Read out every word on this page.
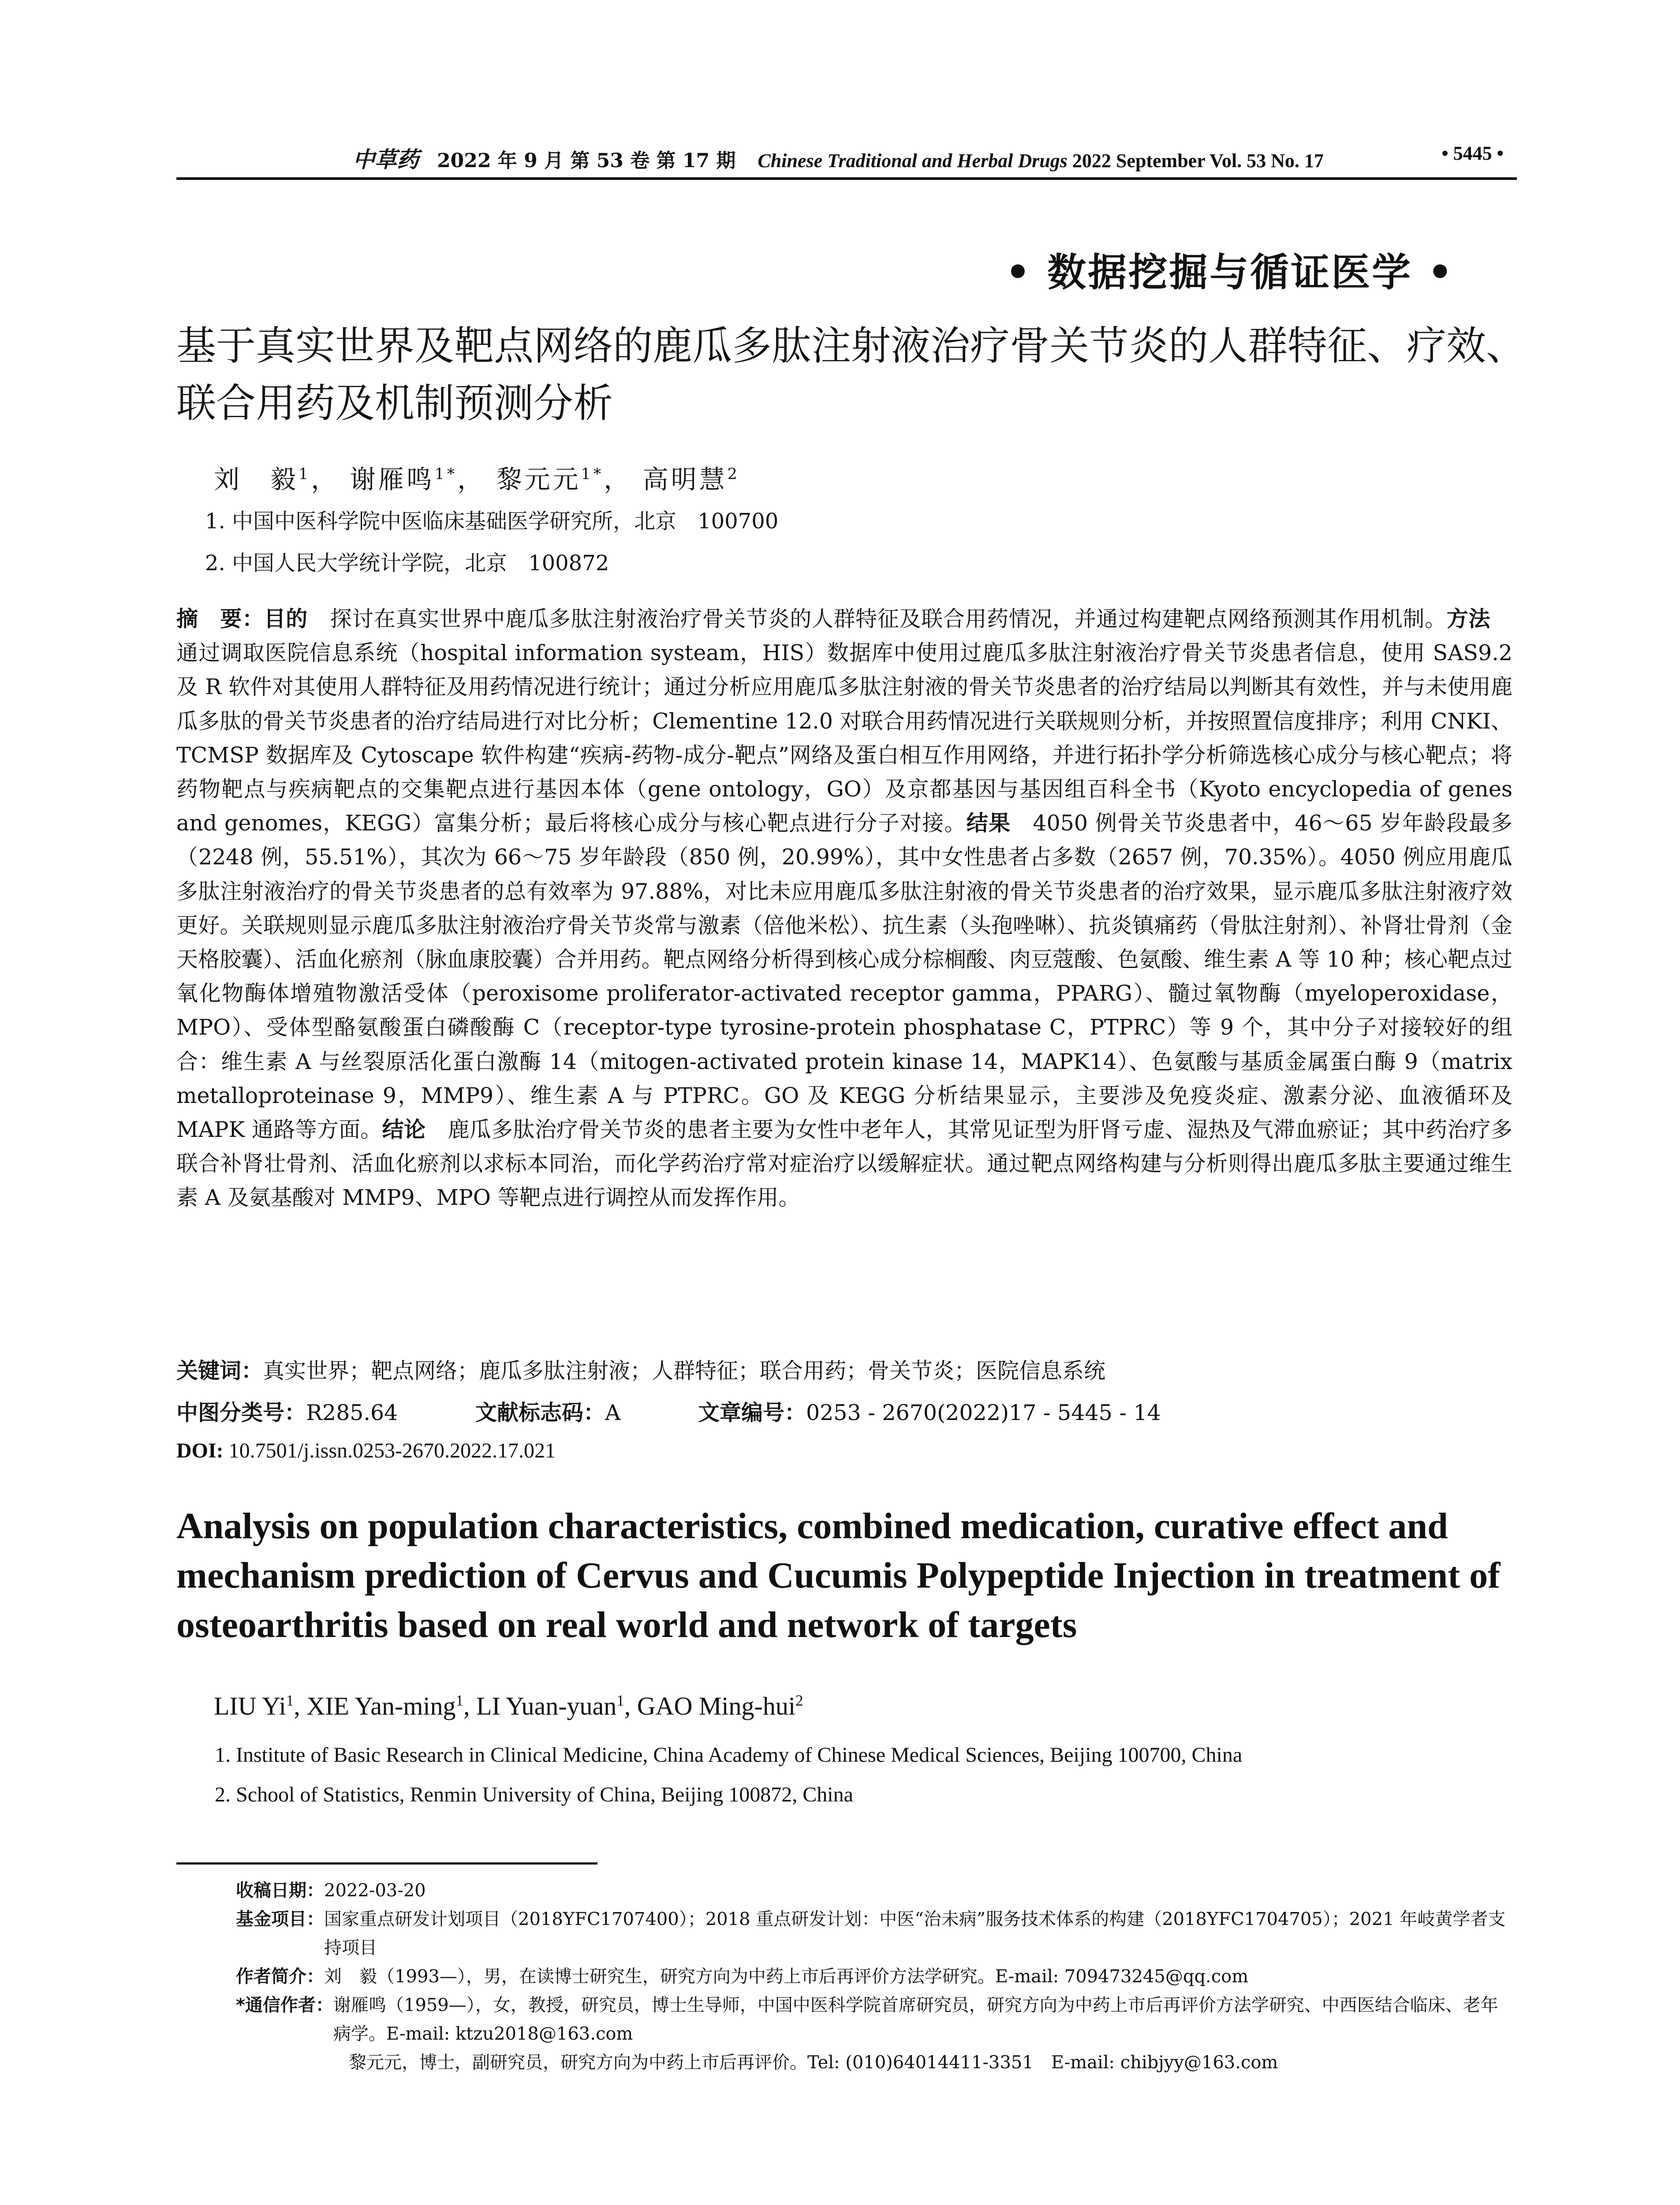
中草药 2022 年 9 月 第 53 卷 第 17 期 Chinese Traditional and Herbal Drugs 2022 September Vol. 53 No. 17	• 5445 •
• 数据挖掘与循证医学 •
基于真实世界及靶点网络的鹿瓜多肽注射液治疗骨关节炎的人群特征、疗效、联合用药及机制预测分析
刘　毅$^1$， 谢雁鸣$^{1*}$， 黎元元$^{1*}$， 高明慧$^2$
1. 中国中医科学院中医临床基础医学研究所，北京　100700
2. 中国人民大学统计学院，北京　100872
摘　要：目的 探讨在真实世界中鹿瓜多肽注射液治疗骨关节炎的人群特征及联合用药情况，并通过构建靶点网络预测其作用机制。方法通过调取医院信息系统（hospital information systeam，HIS）数据库中使用过鹿瓜多肽注射液治疗骨关节炎患者信息，使用 SAS9.2 及 R 软件对其使用人群特征及用药情况进行统计；通过分析应用鹿瓜多肽注射液的骨关节炎患者的治疗结局以判断其有效性，并与未使用鹿瓜多肽的骨关节炎患者的治疗结局进行对比分析；Clementine 12.0 对联合用药情况进行关联规则分析，并按照置信度排序；利用 CNKI、TCMSP 数据库及 Cytoscape 软件构建“疾病-药物-成分-靶点”网络及蛋白相互作用网络，并进行拓扑学分析筛选核心成分与核心靶点；将药物靶点与疾病靶点的交集靶点进行基因本体（gene ontology，GO）及京都基因与基因组百科全书（Kyoto encyclopedia of genes and genomes，KEGG）富集分析；最后将核心成分与核心靶点进行分子对接。结果 4050 例骨关节炎患者中，46～65 岁年龄段最多（2248 例，55.51%），其次为 66～75 岁年龄段（850 例，20.99%），其中女性患者占多数（2657 例，70.35%）。4050 例应用鹿瓜多肽注射液治疗的骨关节炎患者的总有效率为 97.88%，对比未应用鹿瓜多肽注射液的骨关节炎患者的治疗效果，显示鹿瓜多肽注射液疗效更好。关联规则显示鹿瓜多肽注射液治疗骨关节炎常与激素（倍他米松）、抗生素（头孢唑啉）、抗炎镇痛药（骨肽注射剂）、补肾壮骨剂（金天格胶囊）、活血化瘀剂（脉血康胶囊）合并用药。靶点网络分析得到核心成分棕榈酸、肉豆蔻酸、色氨酸、维生素 A 等 10 种；核心靶点过氧化物酶体增殖物激活受体（peroxisome proliferator-activated receptor gamma，PPARG）、髓过氧物酶（myeloperoxidase，MPO）、受体型酪氨酸蛋白磷酸酶 C（receptor-type tyrosine-protein phosphatase C，PTPRC）等 9 个，其中分子对接较好的组合：维生素 A 与丝裂原活化蛋白激酶 14（mitogen-activated protein kinase 14，MAPK14）、色氨酸与基质金属蛋白酶 9（matrix metalloproteinase 9，MMP9）、维生素 A 与 PTPRC。GO 及 KEGG 分析结果显示，主要涉及免疫炎症、激素分泌、血液循环及 MAPK 通路等方面。结论 鹿瓜多肽治疗骨关节炎的患者主要为女性中老年人，其常见证型为肝肾亏虚、湿热及气滞血瘀证；其中药治疗多联合补肾壮骨剂、活血化瘀剂以求标本同治，而化学药治疗常对症治疗以缓解症状。通过靶点网络构建与分析则得出鹿瓜多肽主要通过维生素 A 及氨基酸对 MMP9、MPO 等靶点进行调控从而发挥作用。
关键词：真实世界；靶点网络；鹿瓜多肽注射液；人群特征；联合用药；骨关节炎；医院信息系统
中图分类号：R285.64	文献标志码：A	文章编号：0253 - 2670(2022)17 - 5445 - 14
DOI: 10.7501/j.issn.0253-2670.2022.17.021
Analysis on population characteristics, combined medication, curative effect and mechanism prediction of Cervus and Cucumis Polypeptide Injection in treatment of osteoarthritis based on real world and network of targets
LIU Yi$^1$, XIE Yan-ming$^1$, LI Yuan-yuan$^1$, GAO Ming-hui$^2$
1. Institute of Basic Research in Clinical Medicine, China Academy of Chinese Medical Sciences, Beijing 100700, China
2. School of Statistics, Renmin University of China, Beijing 100872, China
收稿日期： 2022-03-20
基金项目： 国家重点研发计划项目（2018YFC1707400）；2018 重点研发计划：中医“治未病”服务技术体系的构建（2018YFC1704705）；2021 年岐黄学者支持项目
作者简介： 刘　毅（1993—），男，在读博士研究生，研究方向为中药上市后再评价方法学研究。E-mail: 709473245@qq.com
*通信作者： 谢雁鸣（1959—），女，教授，研究员，博士生导师，中国中医科学院首席研究员，研究方向为中药上市后再评价方法学研究、中西医结合临床、老年病学。E-mail: ktzu2018@163.com
黎元元，博士，副研究员，研究方向为中药上市后再评价。Tel: (010)64014411-3351　E-mail: chibjyy@163.com
